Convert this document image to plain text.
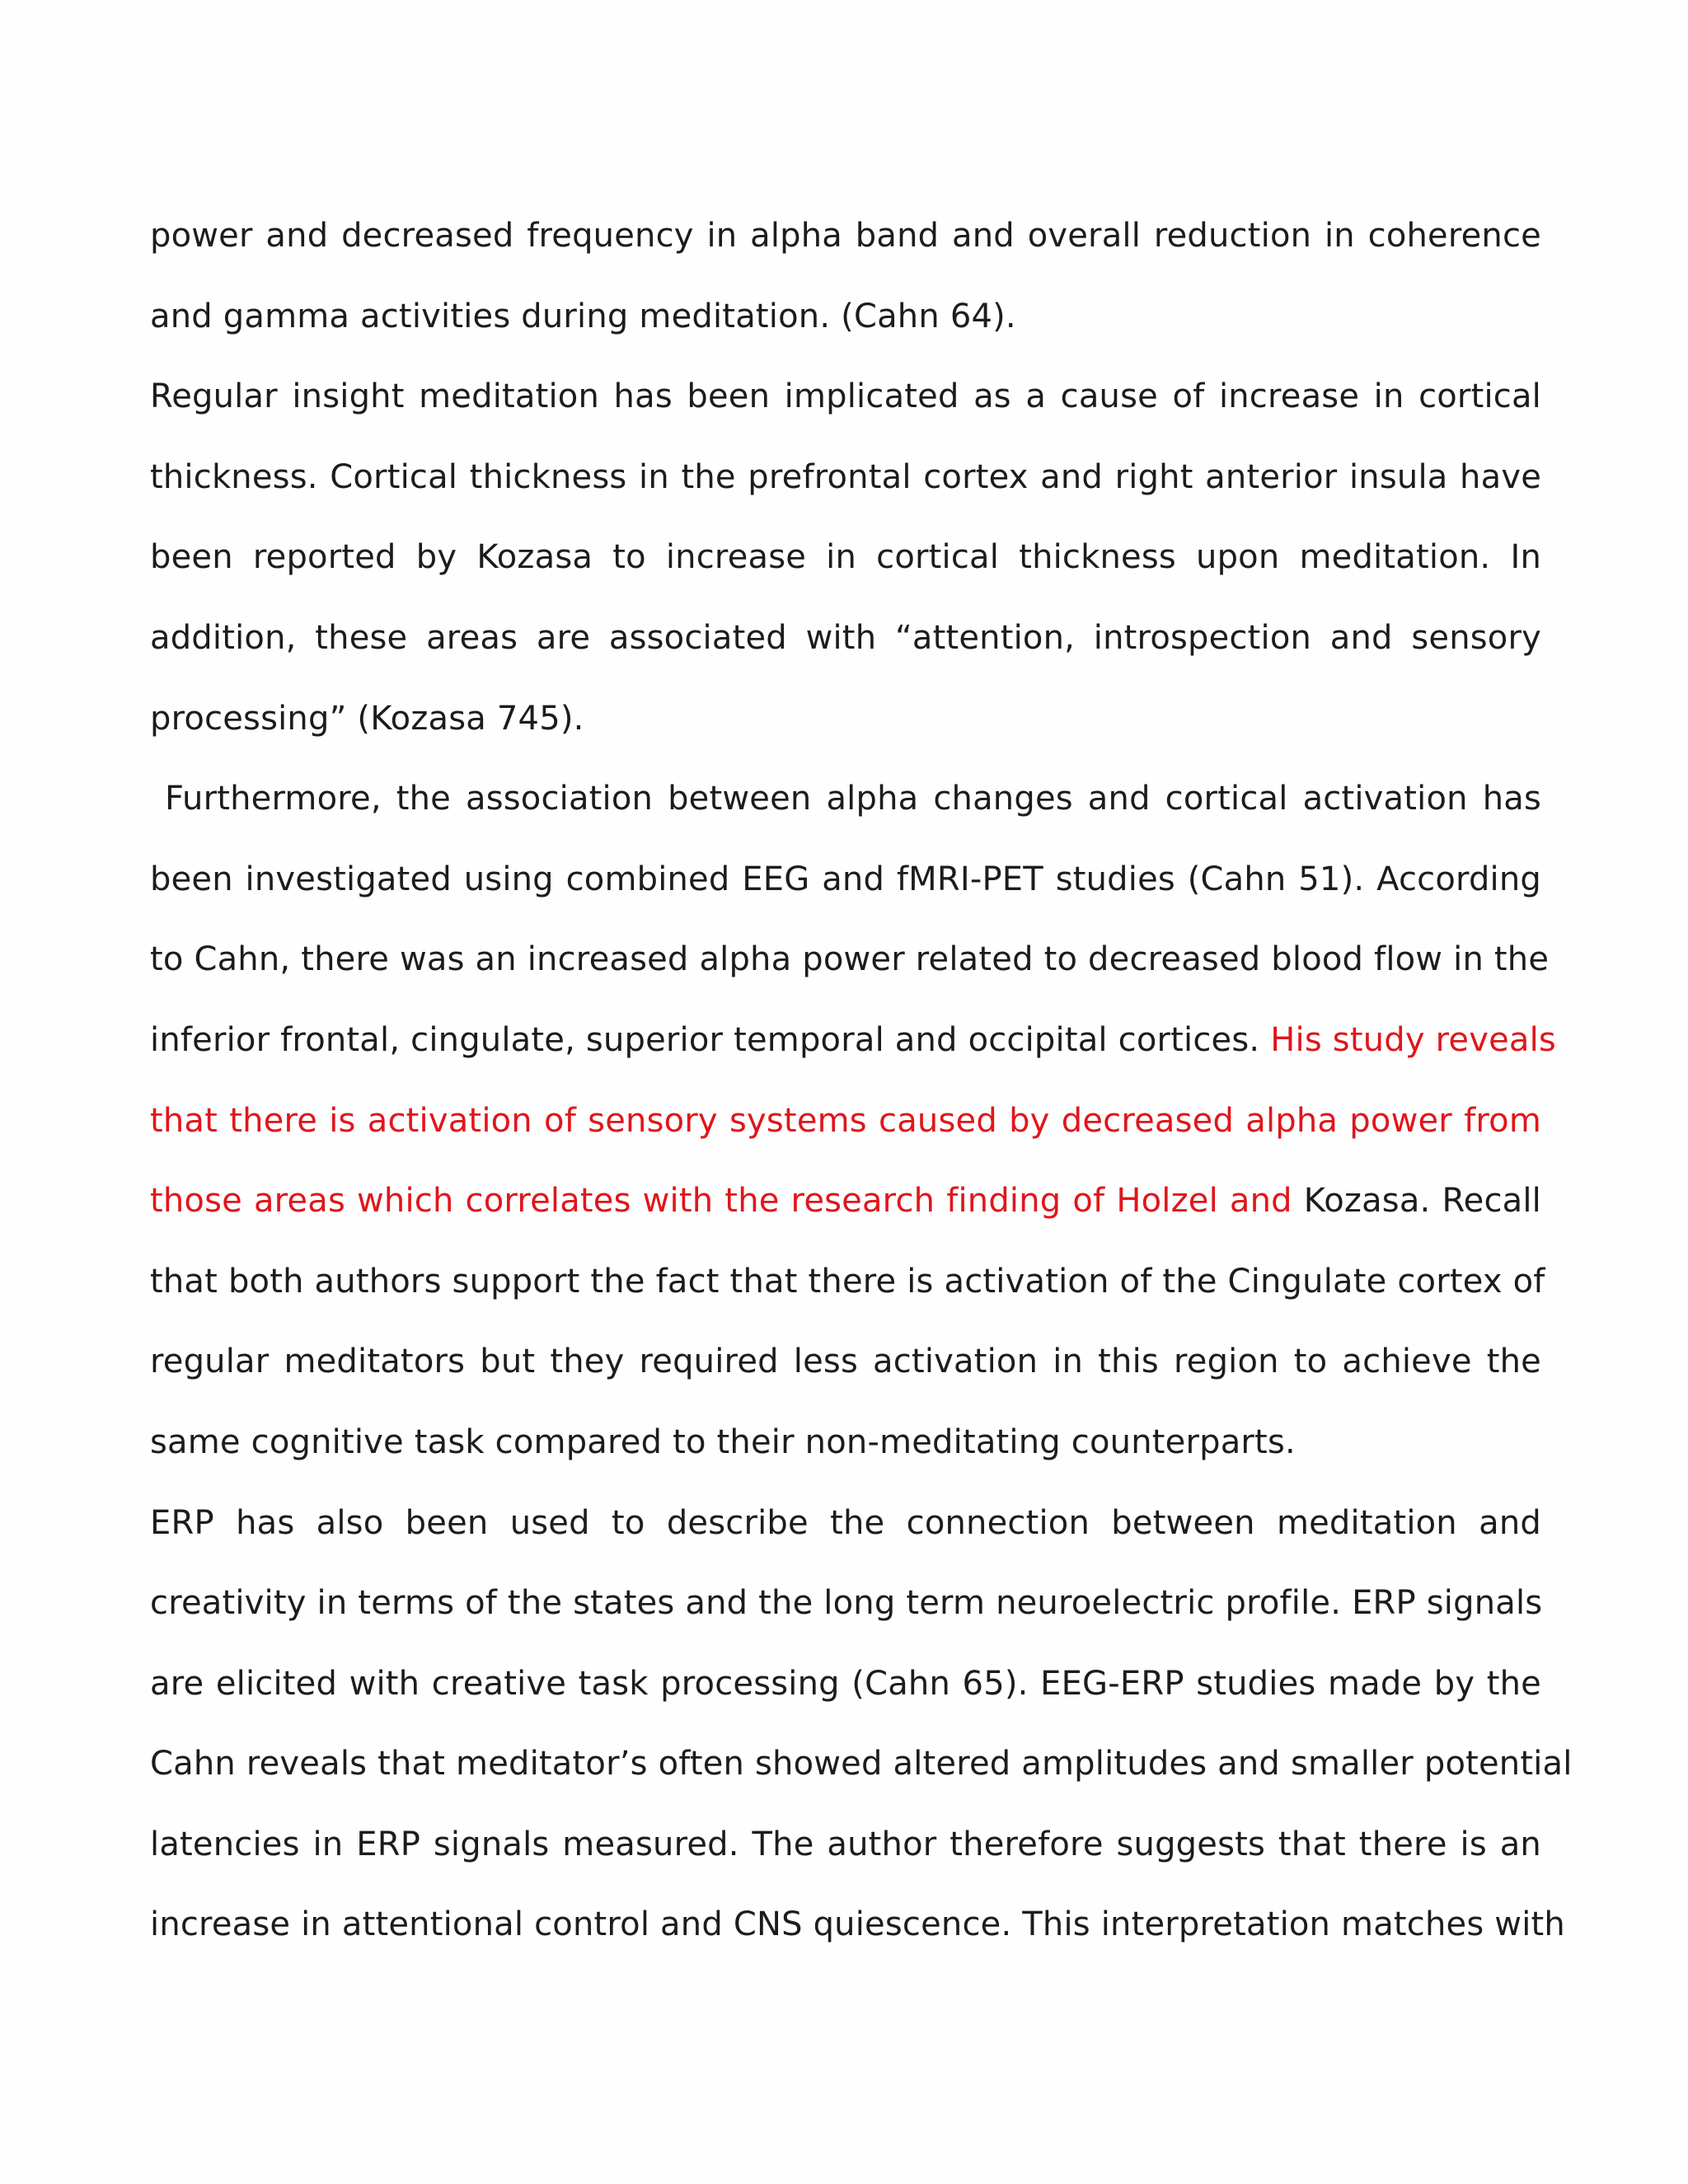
power and decreased frequency in alpha band and overall reduction in coherence
and gamma activities during meditation. (Cahn 64).
Regular insight meditation has been implicated as a cause of increase in cortical
thickness. Cortical thickness in the prefrontal cortex and right anterior insula have
been reported by Kozasa to increase in cortical thickness upon meditation. In
addition, these areas are associated with “attention, introspection and sensory
processing” (Kozasa 745).
Furthermore, the association between alpha changes and cortical activation has
been investigated using combined EEG and fMRI-PET studies (Cahn 51). According
to Cahn, there was an increased alpha power related to decreased blood flow in the
inferior frontal, cingulate, superior temporal and occipital cortices. His study reveals
that there is activation of sensory systems caused by decreased alpha power from
those areas which correlates with the research finding of Holzel and Kozasa. Recall
that both authors support the fact that there is activation of the Cingulate cortex of
regular meditators but they required less activation in this region to achieve the
same cognitive task compared to their non-meditating counterparts.
ERP has also been used to describe the connection between meditation and
creativity in terms of the states and the long term neuroelectric profile. ERP signals
are elicited with creative task processing (Cahn 65). EEG-ERP studies made by the
Cahn reveals that meditator’s often showed altered amplitudes and smaller potential
latencies in ERP signals measured. The author therefore suggests that there is an
increase in attentional control and CNS quiescence. This interpretation matches with
